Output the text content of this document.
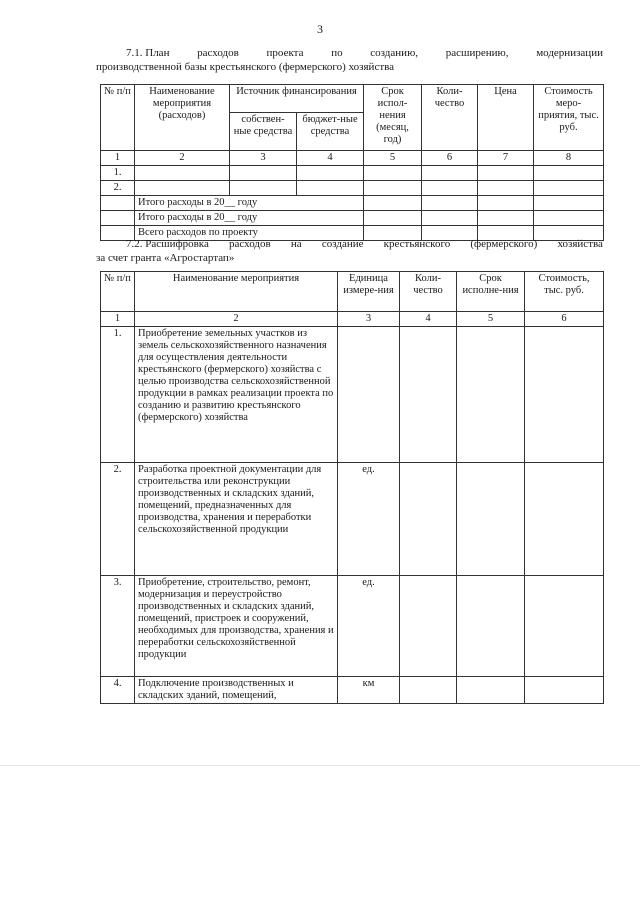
3
7.1. План	расходов	проекта	по	созданию,	расширению,	модернизации
производственной базы крестьянского (фермерского) хозяйства
№ п/п	Наименование мероприятия (расходов)	Источник финансирования		Срок испол-нения (месяц, год)	Коли-чество	Цена	Стоимость меро-приятия, тыс. руб.
		собствен-ные средства	бюджет-ные средства				
1	2	3	4	5	6	7	8
1.							
2.							
	Итого расходы в 20__ году						
	Итого расходы в 20__ году						
	Всего расходов по проекту						
7.2. Расшифровка расходов на создание крестьянского (фермерского) хозяйства
за счет гранта «Агростартап»
№ п/п	Наименование мероприятия	Единица измере-ния	Коли-чество	Срок исполне-ния	Стоимость, тыс. руб.
1	2	3	4	5	6
1.	Приобретение земельных участков из земель сельскохозяйственного назначения для осуществления деятельности крестьянского (фермерского) хозяйства с целью производства сельскохозяйственной продукции в рамках реализации проекта по созданию и развитию крестьянского (фермерского) хозяйства				
2.	Разработка проектной документации для строительства или реконструкции производственных и складских зданий, помещений, предназначенных для производства, хранения и переработки сельскохозяйственной продукции	ед.			
3.	Приобретение, строительство, ремонт, модернизация и переустройство производственных и складских зданий, помещений, пристроек и сооружений, необходимых для производства, хранения и переработки сельскохозяйственной продукции	ед.			
4.	Подключение производственных и складских зданий, помещений,	км			
